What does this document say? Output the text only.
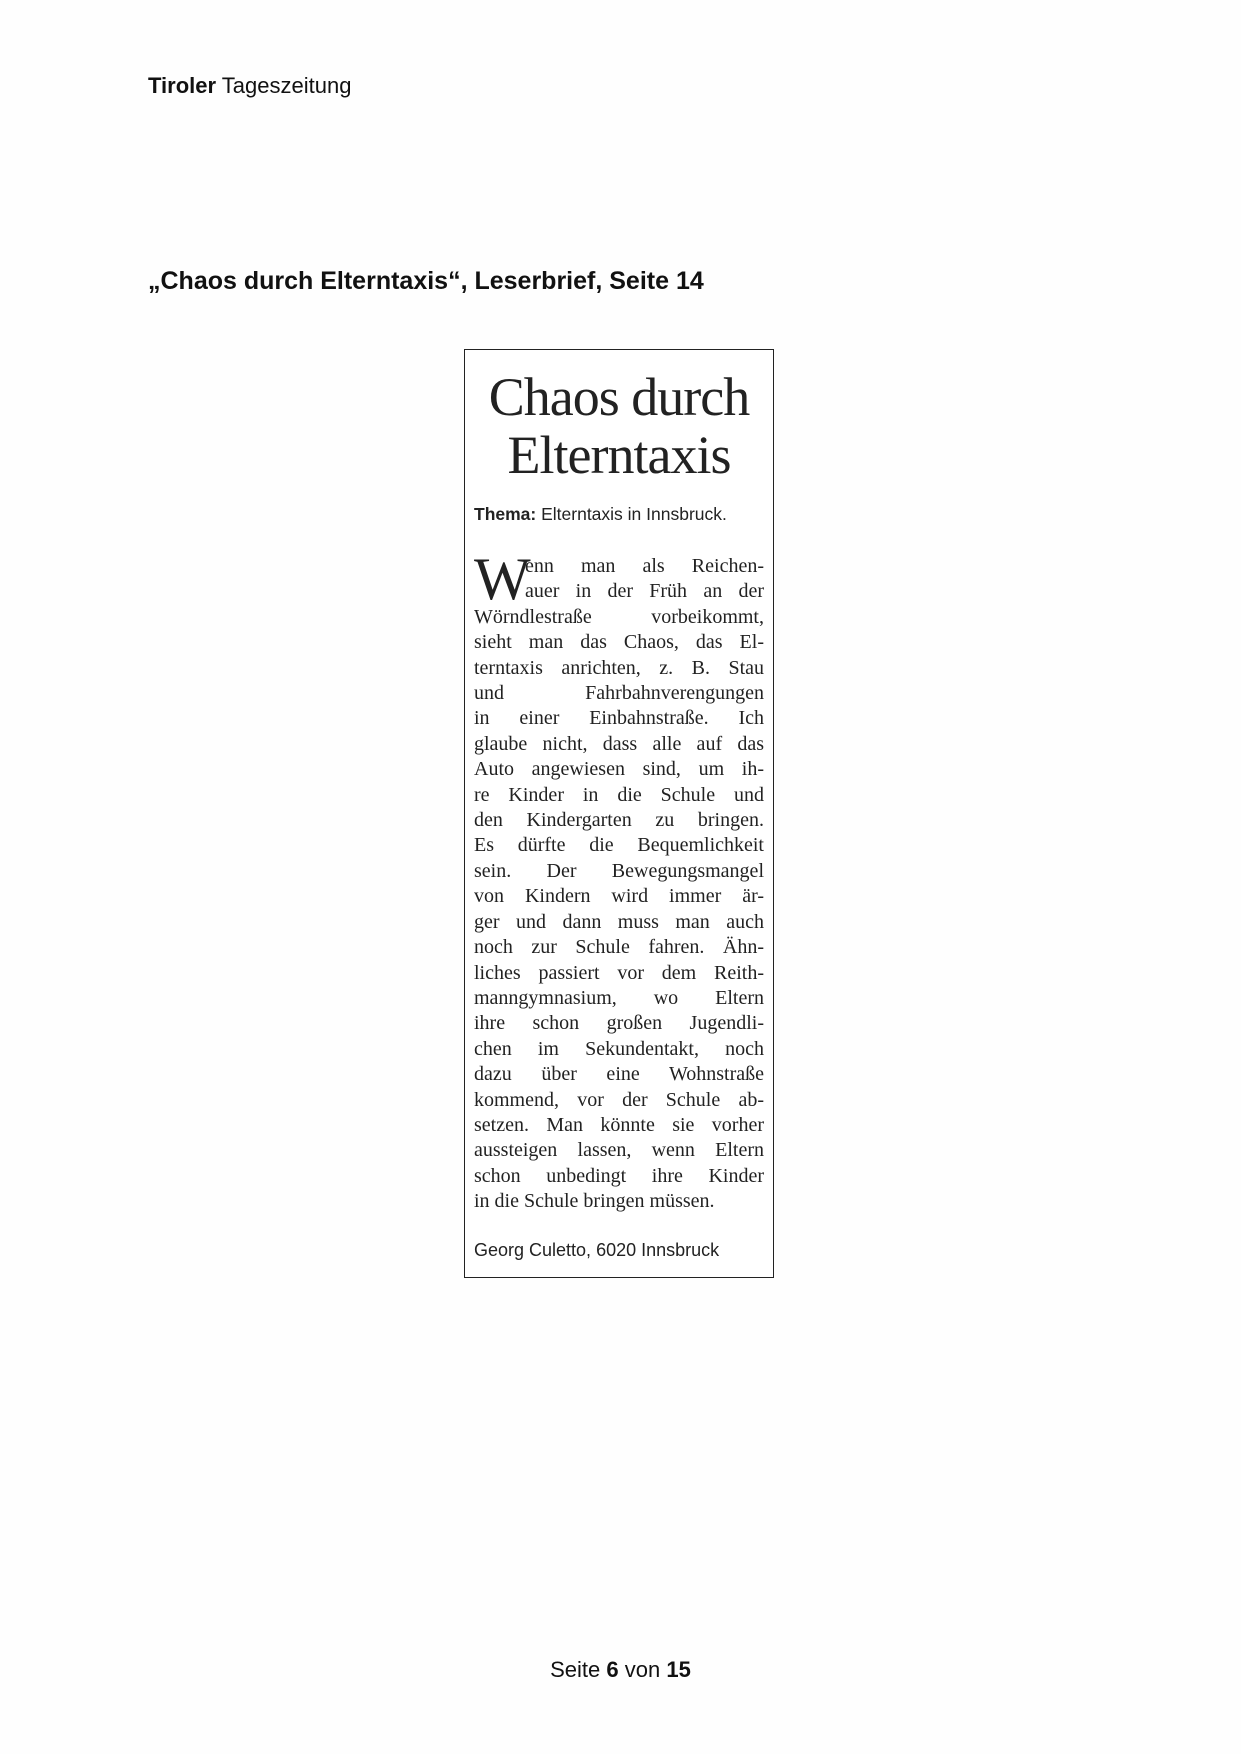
Tiroler Tageszeitung
„Chaos durch Elterntaxis“, Leserbrief, Seite 14
Chaos durch
Elterntaxis
Thema: Elterntaxis in Innsbruck.
W
enn man als Reichen-
auer in der Früh an der
Wörndlestraße vorbeikommt,
sieht man das Chaos, das El-
terntaxis anrichten, z. B. Stau
und Fahrbahnverengungen
in einer Einbahnstraße. Ich
glaube nicht, dass alle auf das
Auto angewiesen sind, um ih-
re Kinder in die Schule und
den Kindergarten zu bringen.
Es dürfte die Bequemlichkeit
sein. Der Bewegungsmangel
von Kindern wird immer är-
ger und dann muss man auch
noch zur Schule fahren. Ähn-
liches passiert vor dem Reith-
manngymnasium, wo Eltern
ihre schon großen Jugendli-
chen im Sekundentakt, noch
dazu über eine Wohnstraße
kommend, vor der Schule ab-
setzen. Man könnte sie vorher
aussteigen lassen, wenn Eltern
schon unbedingt ihre Kinder
in die Schule bringen müssen.
Georg Culetto, 6020 Innsbruck
Seite 6 von 15
